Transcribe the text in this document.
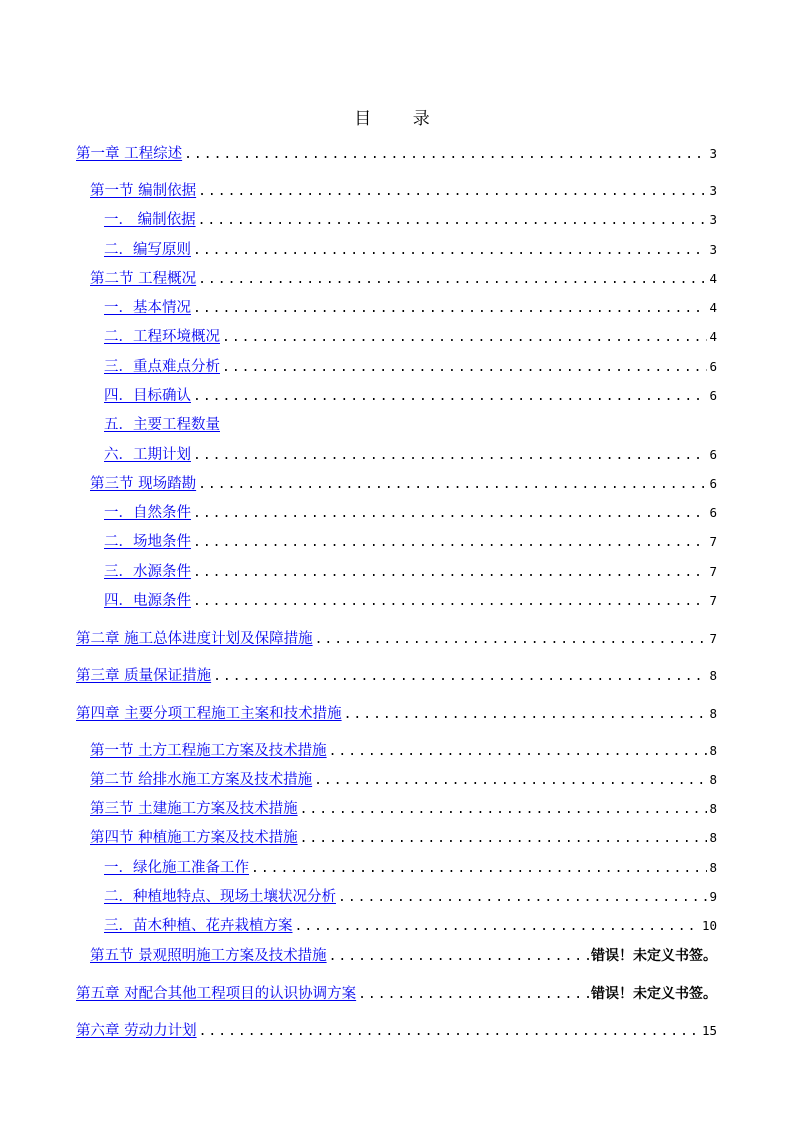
目 录
第一章 工程综述 .....	3
第一节 编制依据 .....	3
一． 编制依据 .....	3
二．编写原则 .....	3
第二节 工程概况 .....	4
一．基本情况 .....	4
二．工程环境概况 .....	4
三．重点难点分析 .....	6
四．目标确认 .....	6
五．主要工程数量
六．工期计划 .....	6
第三节 现场踏勘 .....	6
一．自然条件 .....	6
二．场地条件 .....	7
三．水源条件 .....	7
四．电源条件 .....	7
第二章 施工总体进度计划及保障措施 .....	7
第三章 质量保证措施 .....	8
第四章 主要分项工程施工主案和技术措施 .....	8
第一节 土方工程施工方案及技术措施 .....	8
第二节 给排水施工方案及技术措施 .....	8
第三节 土建施工方案及技术措施 .....	8
第四节 种植施工方案及技术措施 .....	8
一．绿化施工准备工作 .....	8
二．种植地特点、现场土壤状况分析 .....	9
三．苗木种植、花卉栽植方案 .....	10
第五节 景观照明施工方案及技术措施 .....	错误！未定义书签。
第五章 对配合其他工程项目的认识协调方案 .....	错误！未定义书签。
第六章 劳动力计划 .....	15
